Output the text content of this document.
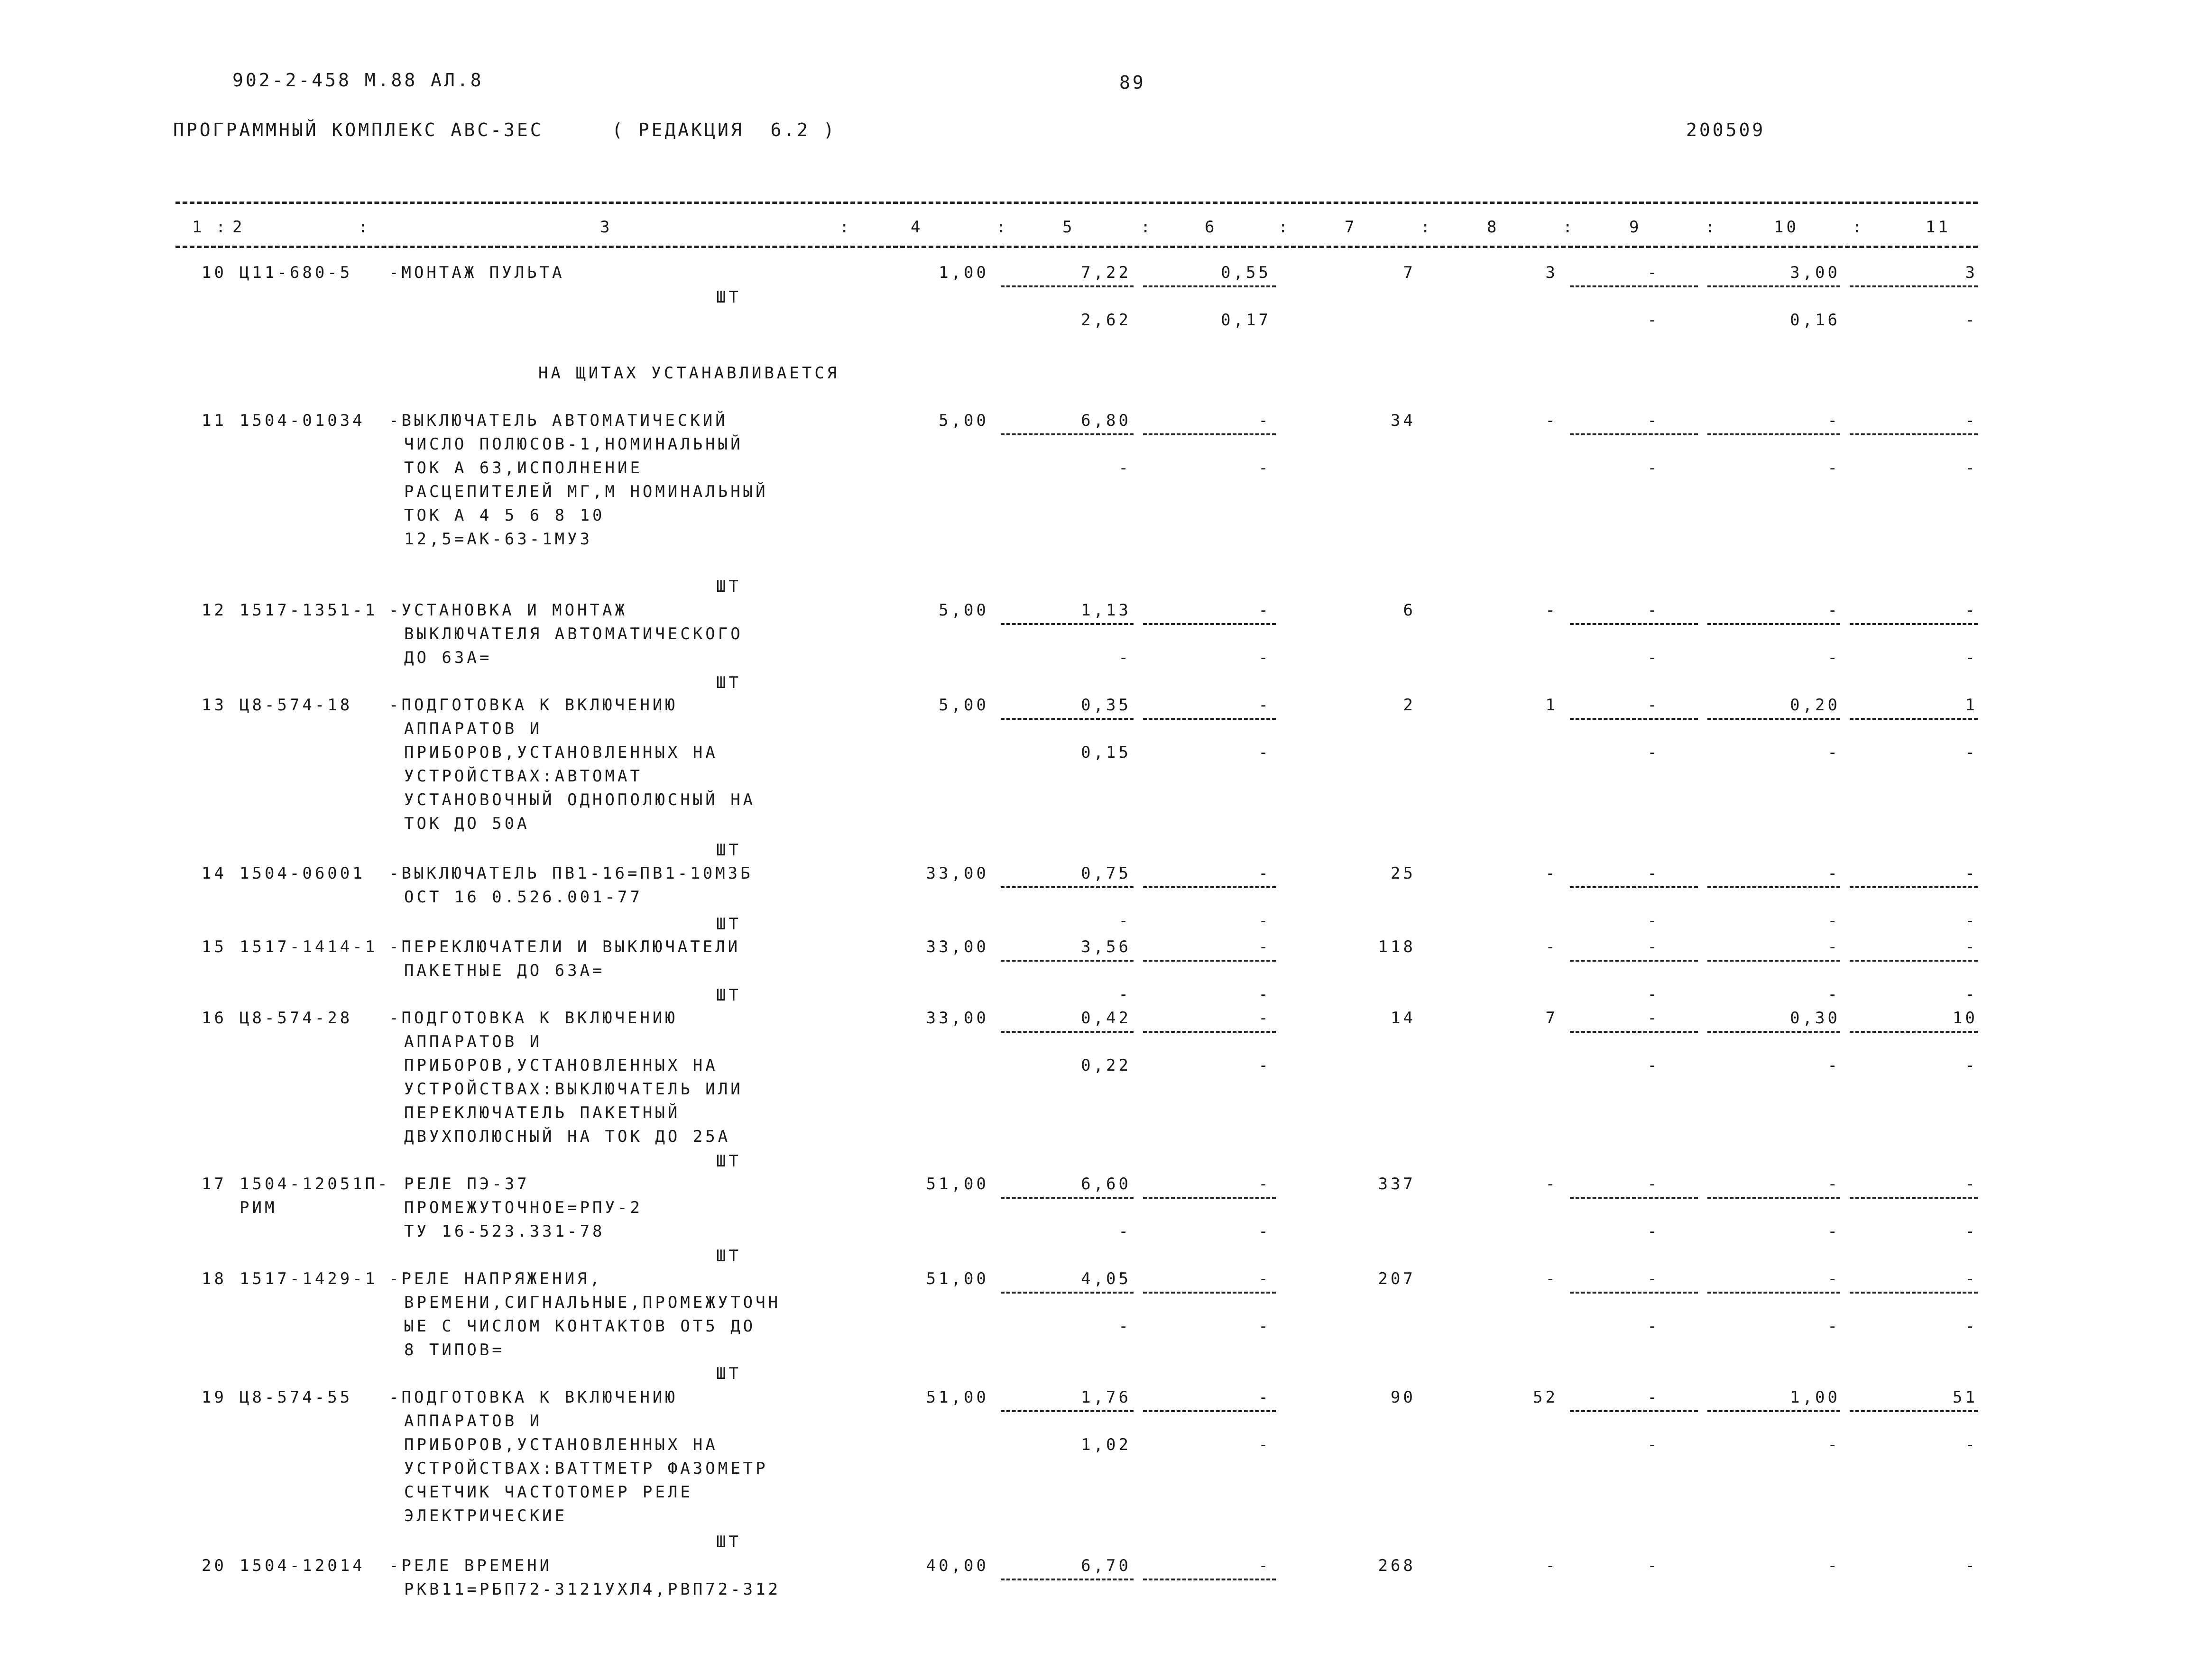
902-2-458 М.88 АЛ.8	89
ПРОГРАММНЫЙ КОМПЛЕКС АВС-3ЕС	( РЕДАКЦИЯ  6.2 )	200509
1 2	3	4	5	6	7	8	9	10	11
:	:	:	:	:	:	:	:	:	:
НА ЩИТАХ УСТАНАВЛИВАЕТСЯ
10 Ц11-680-5 -МОНТАЖ ПУЛЬТА
ШТ
1,00	7,22	0,55	7	3	-	3,00	3
2,62	0,17	-	0,16	-
11 1504-01034 -ВЫКЛЮЧАТЕЛЬ АВТОМАТИЧЕСКИЙ
ЧИСЛО ПОЛЮСОВ-1,НОМИНАЛЬНЫЙ
ТОК А 63,ИСПОЛНЕНИЕ
РАСЦЕПИТЕЛЕЙ МГ,М НОМИНАЛЬНЫЙ
ТОК А 4 5 6 8 10
12,5=АК-63-1МУЗ
ШТ
5,00	6,80	-	34	-	-	-	-
-	-	-	-	-
12 1517-1351-1 -УСТАНОВКА И МОНТАЖ
ВЫКЛЮЧАТЕЛЯ АВТОМАТИЧЕСКОГО
ДО 63А=
ШТ
5,00	1,13	-	6	-	-	-	-
-	-	-	-	-
13 Ц8-574-18 -ПОДГОТОВКА К ВКЛЮЧЕНИЮ
АППАРАТОВ И
ПРИБОРОВ,УСТАНОВЛЕННЫХ НА
УСТРОЙСТВАХ:АВТОМАТ
УСТАНОВОЧНЫЙ ОДНОПОЛЮСНЫЙ НА
ТОК ДО 50А
ШТ
5,00	0,35	-	2	1	-	0,20	1
0,15	-	-	-	-
14 1504-06001 -ВЫКЛЮЧАТЕЛЬ ПВ1-16=ПВ1-10МЗБ
ОСТ 16 0.526.001-77
ШТ
33,00	0,75	-	25	-	-	-	-
-	-	-	-	-
15 1517-1414-1 -ПЕРЕКЛЮЧАТЕЛИ И ВЫКЛЮЧАТЕЛИ
ПАКЕТНЫЕ ДО 63А=
ШТ
33,00	3,56	-	118	-	-	-	-
-	-	-	-	-
16 Ц8-574-28 -ПОДГОТОВКА К ВКЛЮЧЕНИЮ
АППАРАТОВ И
ПРИБОРОВ,УСТАНОВЛЕННЫХ НА
УСТРОЙСТВАХ:ВЫКЛЮЧАТЕЛЬ ИЛИ
ПЕРЕКЛЮЧАТЕЛЬ ПАКЕТНЫЙ
ДВУХПОЛЮСНЫЙ НА ТОК ДО 25А
ШТ
33,00	0,42	-	14	7	-	0,30	10
0,22	-	-	-	-
17 1504-12051П-
РИМ
РЕЛЕ ПЭ-37
ПРОМЕЖУТОЧНОЕ=РПУ-2
ТУ 16-523.331-78
ШТ
51,00	6,60	-	337	-	-	-	-
-	-	-	-	-
18 1517-1429-1 -РЕЛЕ НАПРЯЖЕНИЯ,
ВРЕМЕНИ,СИГНАЛЬНЫЕ,ПРОМЕЖУТОЧН
ЫЕ С ЧИСЛОМ КОНТАКТОВ ОТ5 ДО
8 ТИПОВ=
ШТ
51,00	4,05	-	207	-	-	-	-
-	-	-	-	-
19 Ц8-574-55 -ПОДГОТОВКА К ВКЛЮЧЕНИЮ
АППАРАТОВ И
ПРИБОРОВ,УСТАНОВЛЕННЫХ НА
УСТРОЙСТВАХ:ВАТТМЕТР ФАЗОМЕТР
СЧЕТЧИК ЧАСТОТОМЕР РЕЛЕ
ЭЛЕКТРИЧЕСКИЕ
ШТ
51,00	1,76	-	90	52	-	1,00	51
1,02	-	-	-	-
20 1504-12014 -РЕЛЕ ВРЕМЕНИ
РКВ11=РБП72-3121УХЛ4,РВП72-312
40,00	6,70	-	268	-	-	-	-
